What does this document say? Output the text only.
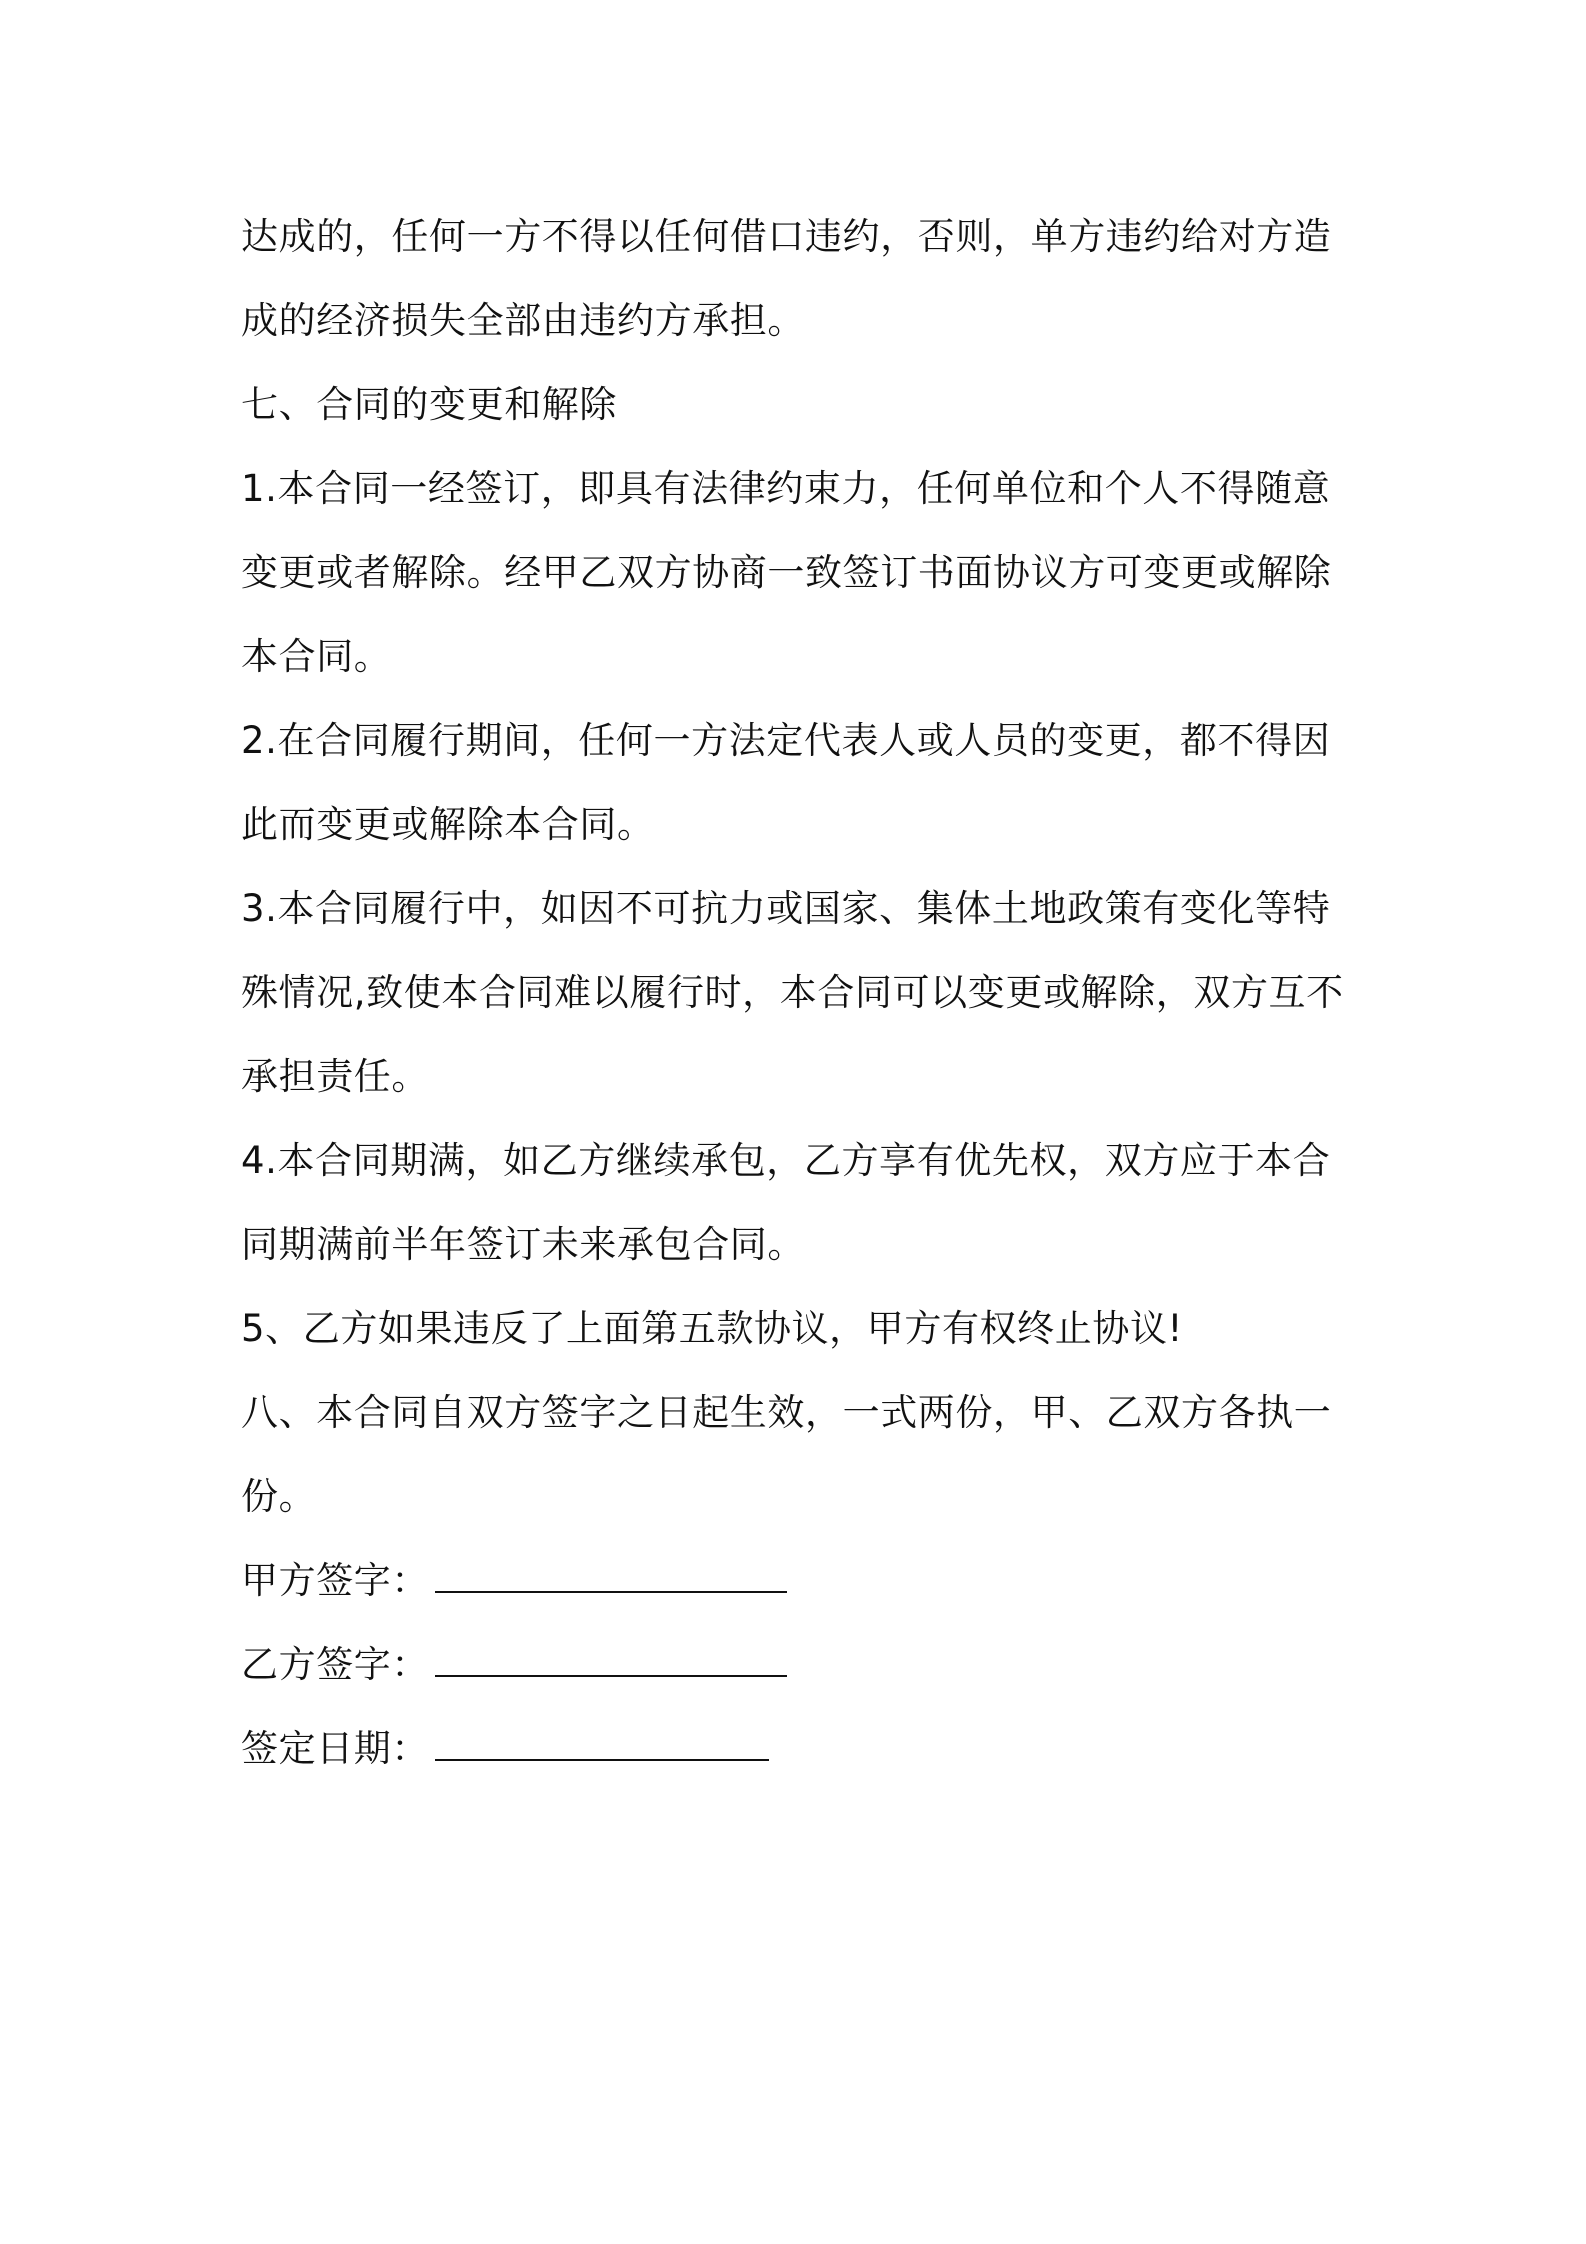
达成的，任何一方不得以任何借口违约，否则，单方违约给对方造
成的经济损失全部由违约方承担。
七、合同的变更和解除
1.本合同一经签订，即具有法律约束力，任何单位和个人不得随意
变更或者解除。经甲乙双方协商一致签订书面协议方可变更或解除
本合同。
2.在合同履行期间，任何一方法定代表人或人员的变更，都不得因
此而变更或解除本合同。
3.本合同履行中，如因不可抗力或国家、集体土地政策有变化等特
殊情况,致使本合同难以履行时，本合同可以变更或解除，双方互不
承担责任。
4.本合同期满，如乙方继续承包，乙方享有优先权，双方应于本合
同期满前半年签订未来承包合同。
5、乙方如果违反了上面第五款协议，甲方有权终止协议!
八、本合同自双方签字之日起生效，一式两份，甲、乙双方各执一
份。
甲方签字：
乙方签字：
签定日期：
